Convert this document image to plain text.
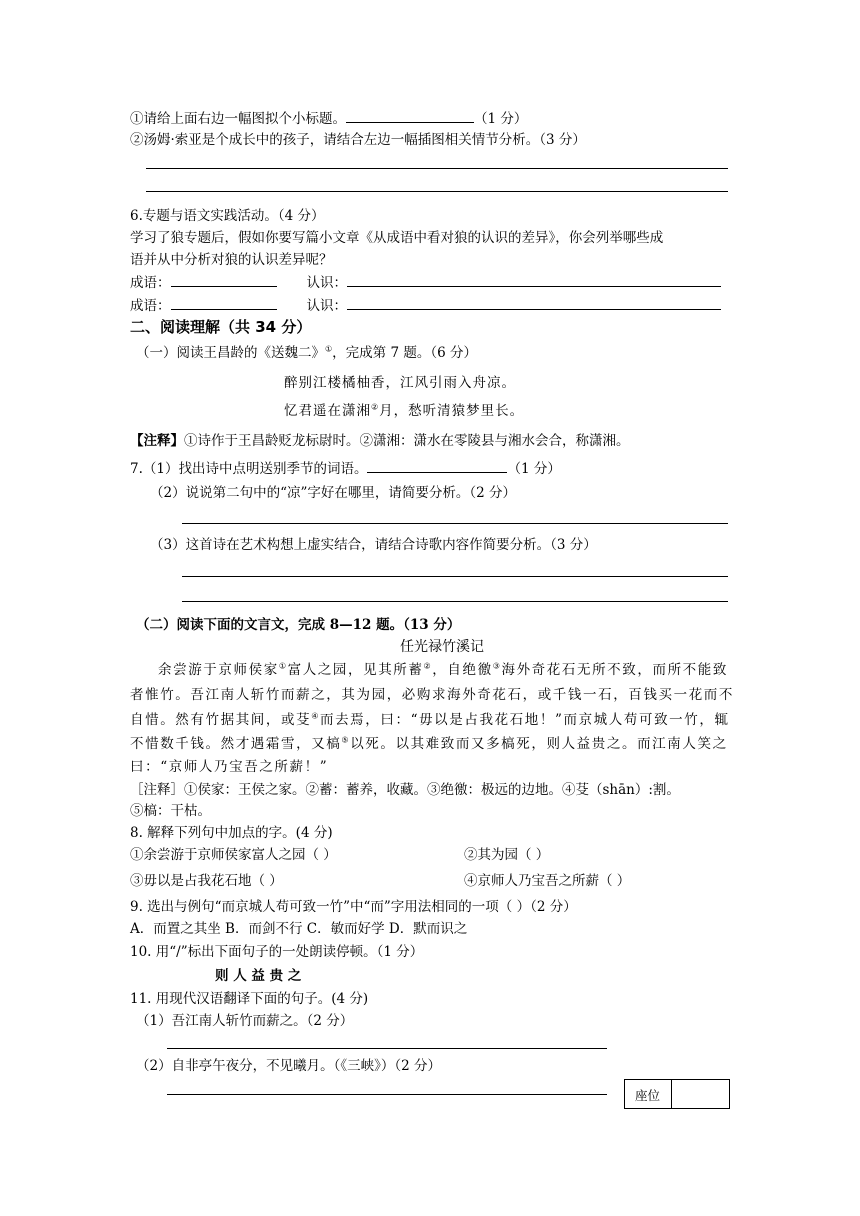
①请给上面右边一幅图拟个小标题。	（1 分）
②汤姆·索亚是个成长中的孩子，请结合左边一幅插图相关情节分析。（3 分）
6.专题与语文实践活动。（4 分）
学习了狼专题后，假如你要写篇小文章《从成语中看对狼的认识的差异》，你会列举哪些成
语并从中分析对狼的认识差异呢？
成语：	认识：
成语：	认识：
二、阅读理解（共 34 分）
（一）阅读王昌龄的《送魏二》①，完成第 7 题。（6 分）
醉别江楼橘柚香，江风引雨入舟凉。
忆君遥在潇湘②月，愁听清猿梦里长。
【注释】①诗作于王昌龄贬龙标尉时。②潇湘：潇水在零陵县与湘水会合，称潇湘。
7.（1）找出诗中点明送别季节的词语。	（1 分）
（2）说说第二句中的“凉”字好在哪里，请简要分析。（2 分）
（3）这首诗在艺术构想上虚实结合，请结合诗歌内容作简要分析。（3 分）
（二）阅读下面的文言文，完成 8—12 题。（13 分）
任光禄竹溪记
余尝游于京师侯家①富人之园，见其所蓄②，自绝徼③海外奇花石无所不致，而所不能致
者惟竹。吾江南人斩竹而薪之，其为园，必购求海外奇花石，或千钱一石，百钱买一花而不
自惜。然有竹据其间，或芟④而去焉，曰：“毋以是占我花石地！”而京城人苟可致一竹，辄
不惜数千钱。然才遇霜雪，又槁⑤以死。以其难致而又多槁死，则人益贵之。而江南人笑之
曰：“京师人乃宝吾之所薪！”
［注释］①侯家：王侯之家。②蓄：蓄养，收藏。③绝徼：极远的边地。④芟（shān）:割。
⑤槁：干枯。
8. 解释下列句中加点的字。(4 分)
①余尝游于京师侯家富人之园（ ）	②其为园（ ）
③毋以是占我花石地（ ）	④京师人乃宝吾之所薪（ ）
9. 选出与例句“而京城人苟可致一竹”中“而”字用法相同的一项（ ）（2 分）
A．而置之其坐 B．而剑不行 C．敏而好学 D．默而识之
10. 用“/”标出下面句子的一处朗读停顿。（1 分）
则 人 益 贵 之
11. 用现代汉语翻译下面的句子。(4 分)
（1）吾江南人斩竹而薪之。（2 分）
（2）自非亭午夜分，不见曦月。（《三峡》）（2 分）
座位
